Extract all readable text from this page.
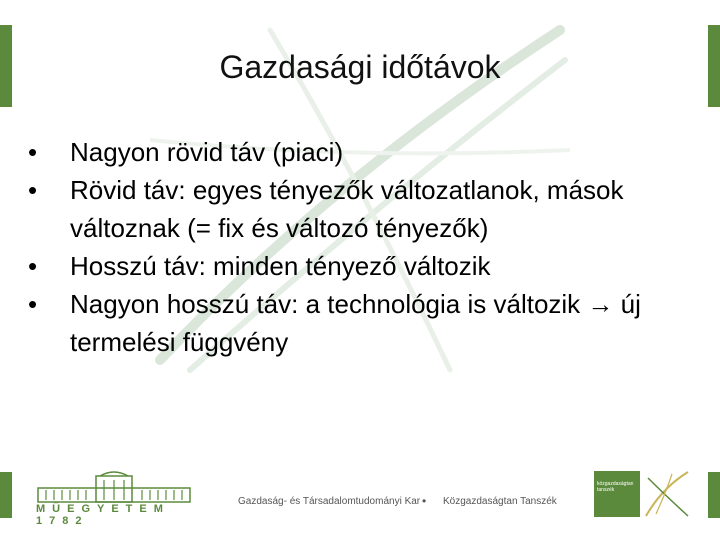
Gazdasági időtávok
•	Nagyon rövid táv (piaci)
•	Rövid táv: egyes tényezők változatlanok, mások változnak (= fix és változó tényezők)
•	Hosszú táv: minden tényező változik
•	Nagyon hosszú táv: a technológia is változik → új termelési függvény
MŰEGYETEM 1782
Gazdaság- és Társadalomtudományi Kar • Közgazdaságtan Tanszék
közgazdaságtan tanszék
